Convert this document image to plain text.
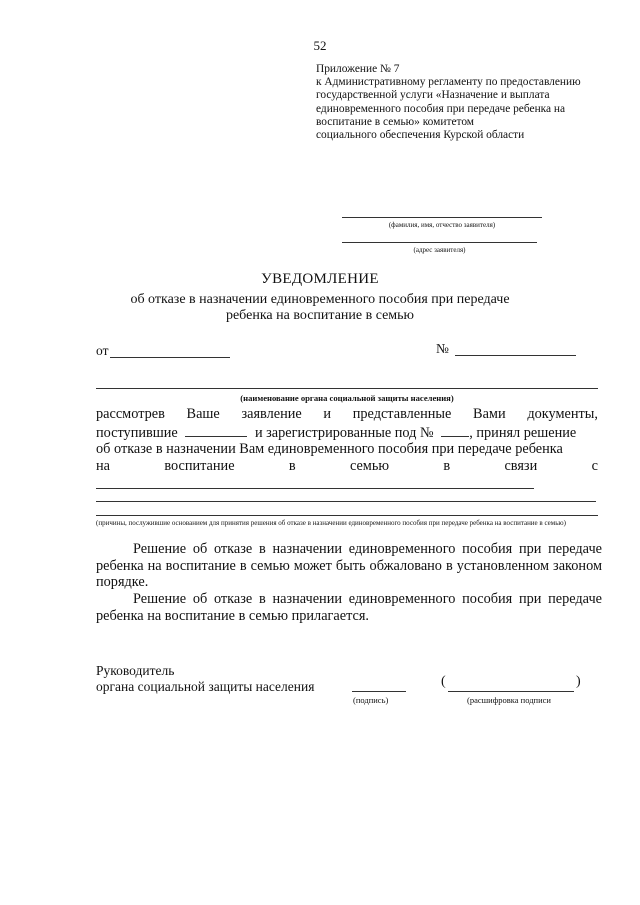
52
Приложение № 7
к Административному регламенту по предоставлению
государственной услуги «Назначение и выплата
единовременного пособия при передаче ребенка на
воспитание в семью» комитетом
социального обеспечения Курской области
(фамилия, имя, отчество заявителя)
(адрес заявителя)
УВЕДОМЛЕНИЕ
об отказе в назначении единовременного пособия при передаче
ребенка на воспитание в семью
от	№
(наименование органа социальной защиты населения)
рассмотрев Ваше заявление и представленные Вами документы,
поступившие	и зарегистрированные под № , принял решение
об отказе в назначении Вам единовременного пособия при передаче ребенка
на	воспитание	в	семью	в	связи	с
(причины, послужившие основанием для принятия решения об отказе в назначении единовременного пособия при передаче ребенка на воспитание в семью)
Решение об отказе в назначении единовременного пособия при передаче ребенка на воспитание в семью может быть обжаловано в установленном законом порядке.
Решение об отказе в назначении единовременного пособия при передаче ребенка на воспитание в семью прилагается.
Руководитель
органа социальной защиты населения
(подпись)
(	)
(расшифровка подписи
